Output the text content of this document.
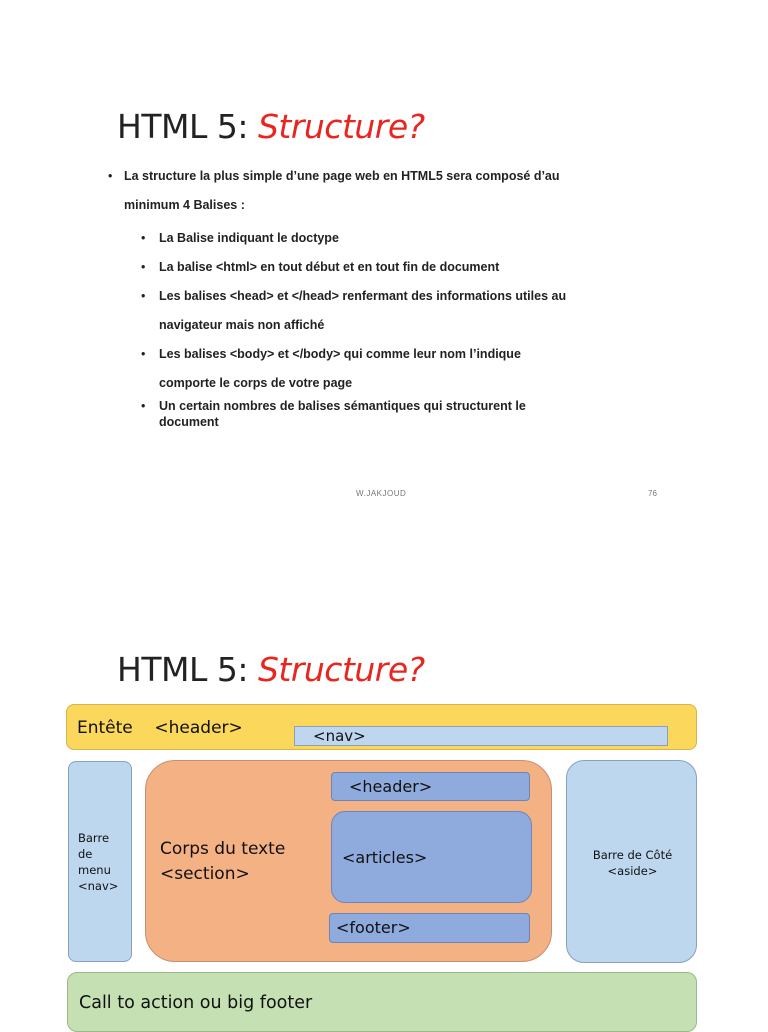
HTML 5: Structure?
• La structure la plus simple d’une page web en HTML5 sera composé d’au
minimum 4 Balises :
• La Balise indiquant le doctype
• La balise <html> en tout début et en tout fin de document
• Les balises <head> et </head> renfermant des informations utiles au
navigateur mais non affiché
• Les balises <body> et </body> qui comme leur nom l’indique
comporte le corps de votre page
• Un certain nombres de balises sémantiques qui structurent le
document
W.JAKJOUD	76
HTML 5: Structure?
Entête    <header>	<nav>
Barre
de
menu
<nav>
Corps du texte
<section>
<header>
<articles>
<footer>
Barre de Côté
<aside>
Call to action ou big footer
